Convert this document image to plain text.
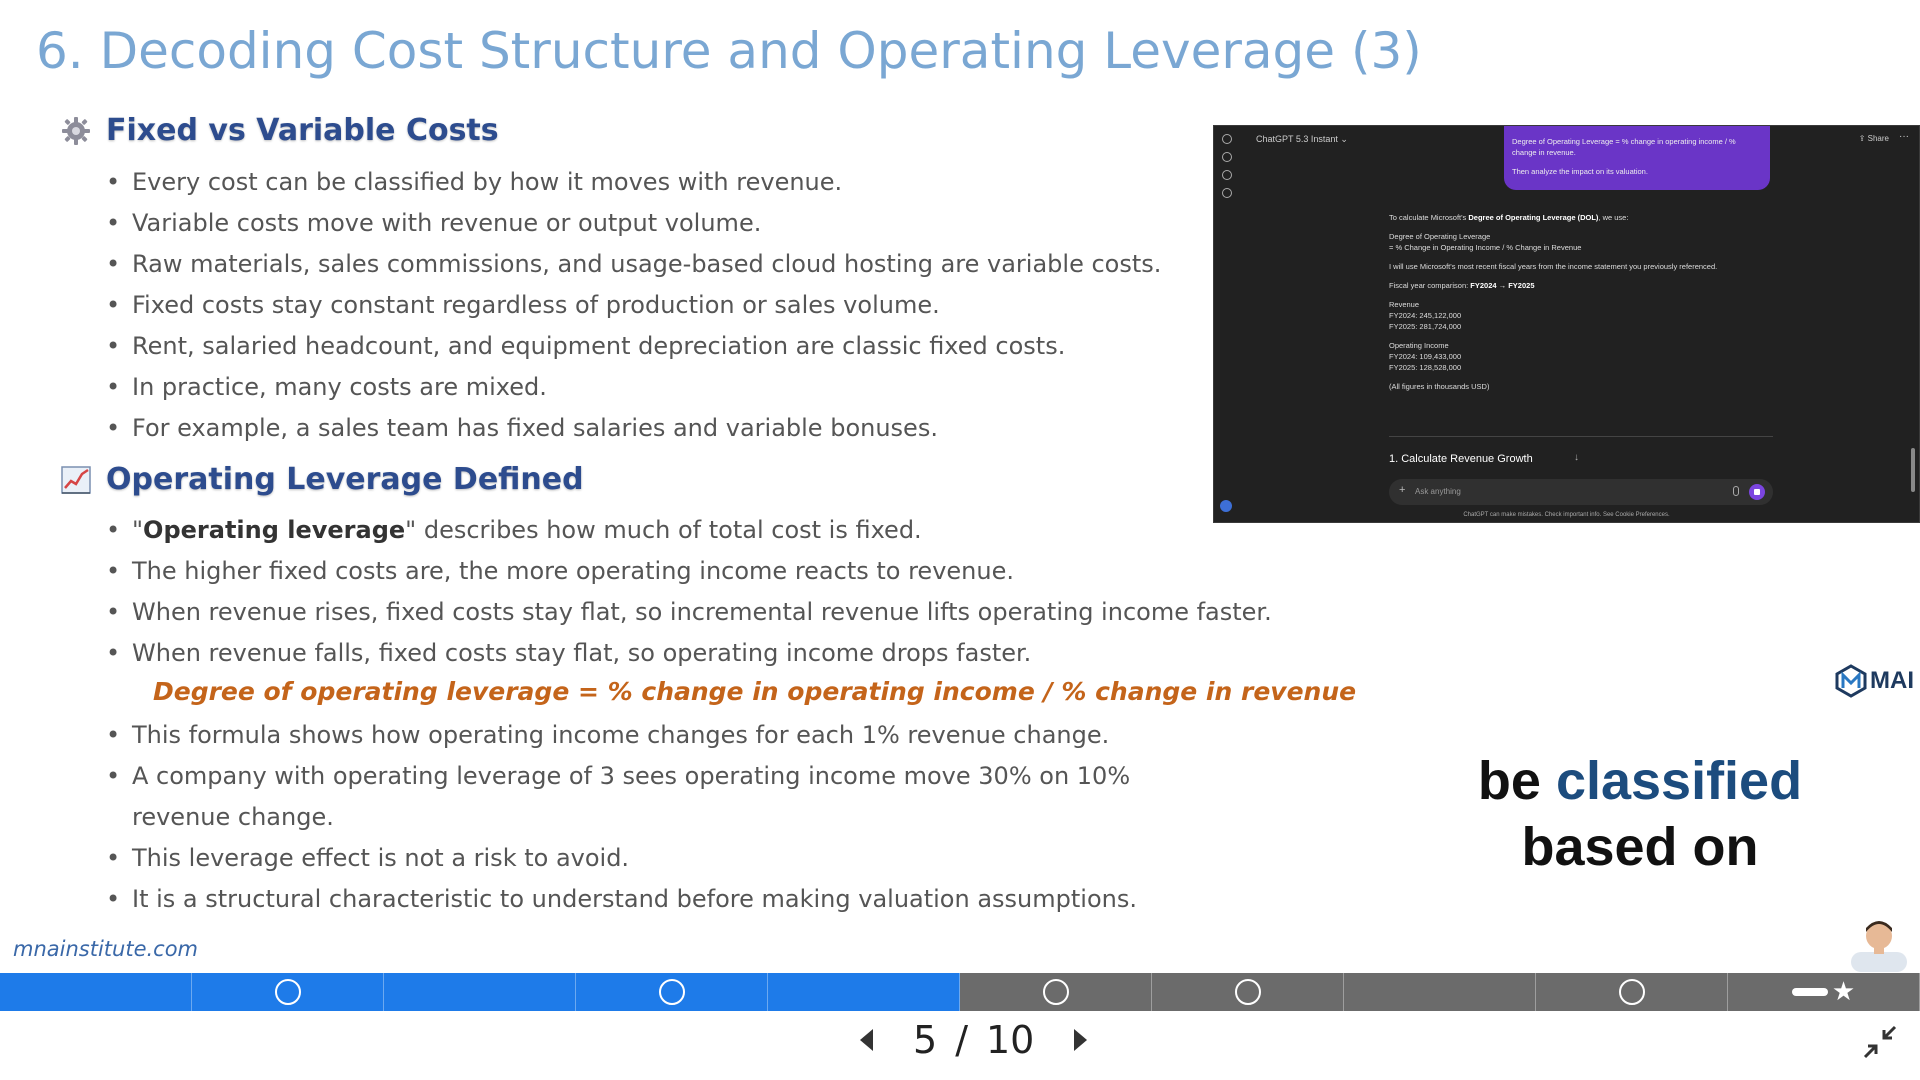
6. Decoding Cost Structure and Operating Leverage (3)
Fixed vs Variable Costs
• Every cost can be classified by how it moves with revenue.
• Variable costs move with revenue or output volume.
• Raw materials, sales commissions, and usage-based cloud hosting are variable costs.
• Fixed costs stay constant regardless of production or sales volume.
• Rent, salaried headcount, and equipment depreciation are classic fixed costs.
• In practice, many costs are mixed.
• For example, a sales team has fixed salaries and variable bonuses.
Operating Leverage Defined
• "Operating leverage" describes how much of total cost is fixed.
• The higher fixed costs are, the more operating income reacts to revenue.
• When revenue rises, fixed costs stay flat, so incremental revenue lifts operating income faster.
• When revenue falls, fixed costs stay flat, so operating income drops faster.
Degree of operating leverage = % change in operating income / % change in revenue
• This formula shows how operating income changes for each 1% revenue change.
• A company with operating leverage of 3 sees operating income move 30% on 10% revenue change.
• This leverage effect is not a risk to avoid.
• It is a structural characteristic to understand before making valuation assumptions.
mnainstitute.com
ChatGPT 5.3 Instant ⌄	⇪ Share ···

Degree of Operating Leverage = % change in operating income / % change in revenue.

Then analyze the impact on its valuation.

To calculate Microsoft's Degree of Operating Leverage (DOL), we use:

Degree of Operating Leverage
= % Change in Operating Income / % Change in Revenue

I will use Microsoft's most recent fiscal years from the income statement you previously referenced.

Fiscal year comparison: FY2024 → FY2025

Revenue
FY2024: 245,122,000
FY2025: 281,724,000

Operating Income
FY2024: 109,433,000
FY2025: 128,528,000

(All figures in thousands USD)

1. Calculate Revenue Growth	↓
+ Ask anything
ChatGPT can make mistakes. Check important info. See Cookie Preferences.
MAI
be classified
based on
★
5 / 10
